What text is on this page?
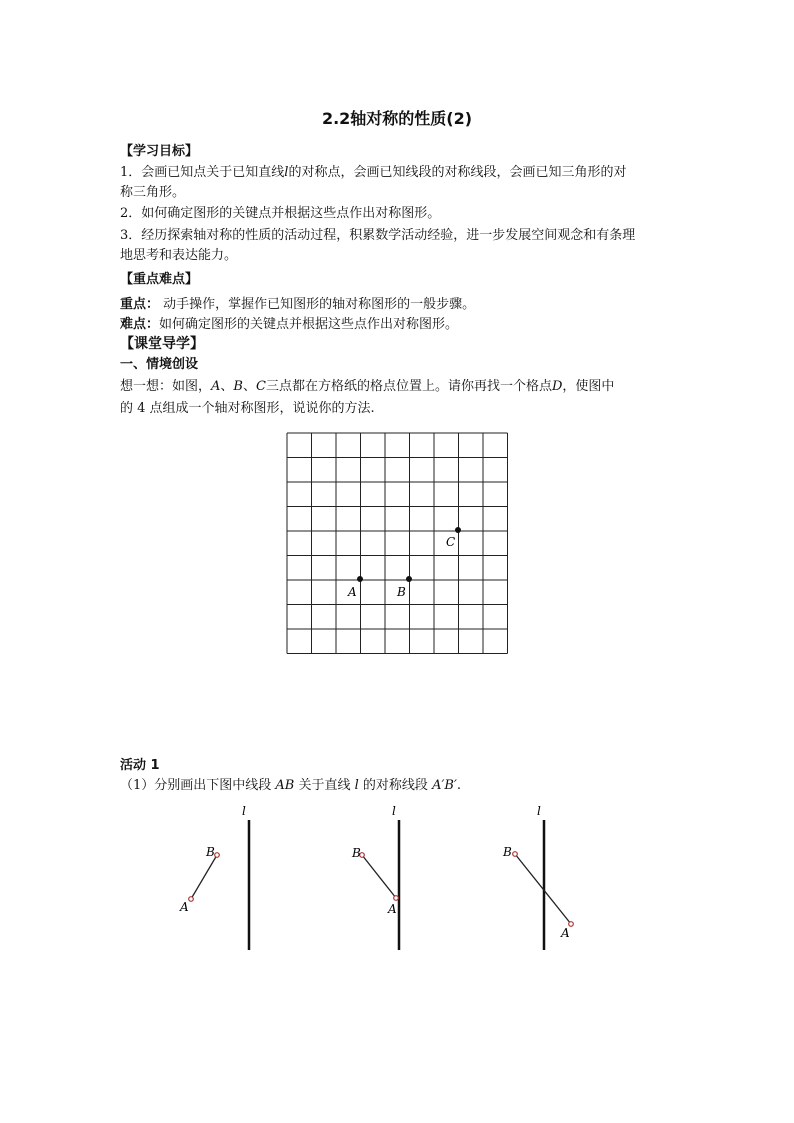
2.2轴对称的性质(2)
【学习目标】
1．会画已知点关于已知直线l的对称点，会画已知线段的对称线段，会画已知三角形的对
称三角形。
2．如何确定图形的关键点并根据这些点作出对称图形。
3．经历探索轴对称的性质的活动过程，积累数学活动经验，进一步发展空间观念和有条理
地思考和表达能力。
【重点难点】
重点： 动手操作，掌握作已知图形的轴对称图形的一般步骤。
难点：如何确定图形的关键点并根据这些点作出对称图形。
【课堂导学】
一、情境创设
想一想：如图，A、B、C三点都在方格纸的格点位置上。请你再找一个格点D，使图中
的 4 点组成一个轴对称图形，说说你的方法.
A	B
C
活动 1
（1）分别画出下图中线段 AB 关于直线 l 的对称线段 A′B′.
l
B
A
l
B
A
l
B
A
